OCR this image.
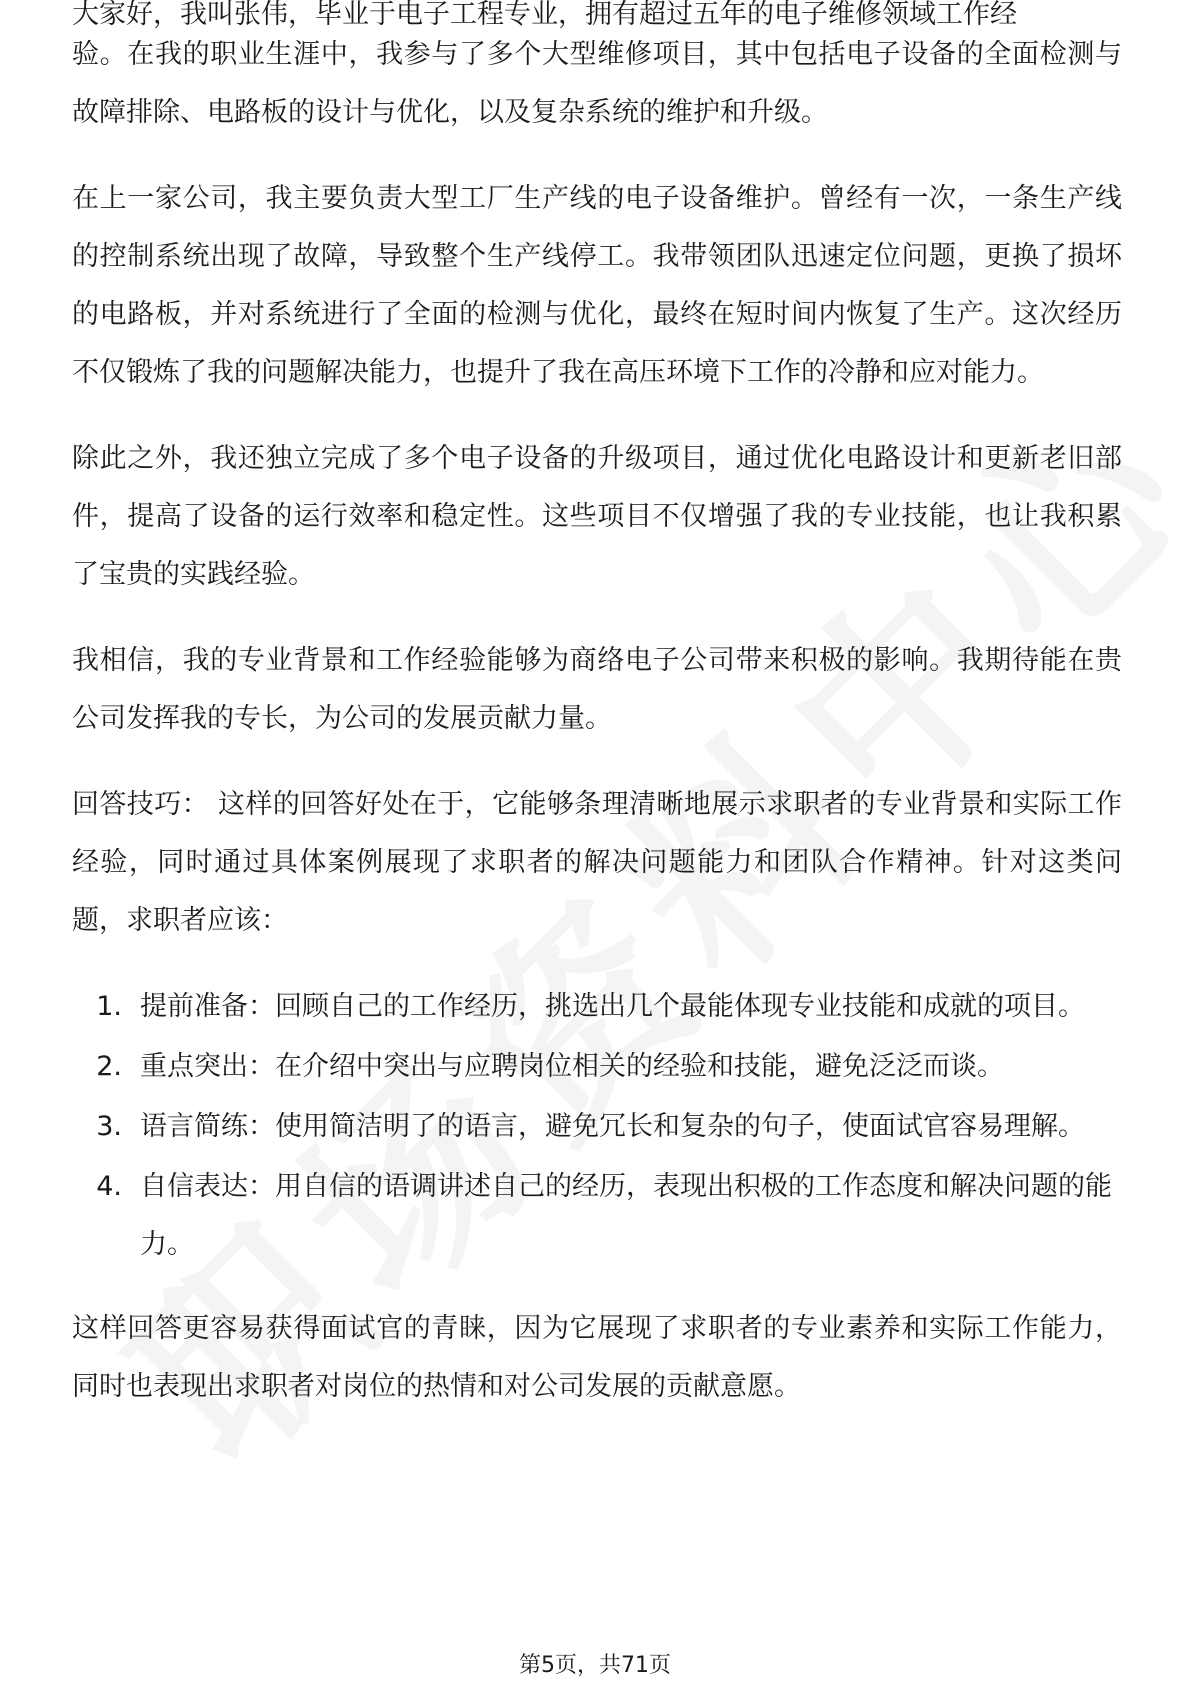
大家好，我叫张伟，毕业于电子工程专业，拥有超过五年的电子维修领域工作经

验。在我的职业生涯中，我参与了多个大型维修项目，其中包括电子设备的全面检测与故障排除、电路板的设计与优化，以及复杂系统的维护和升级。

在上一家公司，我主要负责大型工厂生产线的电子设备维护。曾经有一次，一条生产线的控制系统出现了故障，导致整个生产线停工。我带领团队迅速定位问题，更换了损坏的电路板，并对系统进行了全面的检测与优化，最终在短时间内恢复了生产。这次经历不仅锻炼了我的问题解决能力，也提升了我在高压环境下工作的冷静和应对能力。

除此之外，我还独立完成了多个电子设备的升级项目，通过优化电路设计和更新老旧部件，提高了设备的运行效率和稳定性。这些项目不仅增强了我的专业技能，也让我积累了宝贵的实践经验。

我相信，我的专业背景和工作经验能够为商络电子公司带来积极的影响。我期待能在贵公司发挥我的专长，为公司的发展贡献力量。

回答技巧： 这样的回答好处在于，它能够条理清晰地展示求职者的专业背景和实际工作经验，同时通过具体案例展现了求职者的解决问题能力和团队合作精神。针对这类问题，求职者应该：

1. 提前准备：回顾自己的工作经历，挑选出几个最能体现专业技能和成就的项目。
2. 重点突出：在介绍中突出与应聘岗位相关的经验和技能，避免泛泛而谈。
3. 语言简练：使用简洁明了的语言，避免冗长和复杂的句子，使面试官容易理解。
4. 自信表达：用自信的语调讲述自己的经历，表现出积极的工作态度和解决问题的能力。

这样回答更容易获得面试官的青睐，因为它展现了求职者的专业素养和实际工作能力，同时也表现出求职者对岗位的热情和对公司发展的贡献意愿。

第5页，共71页
